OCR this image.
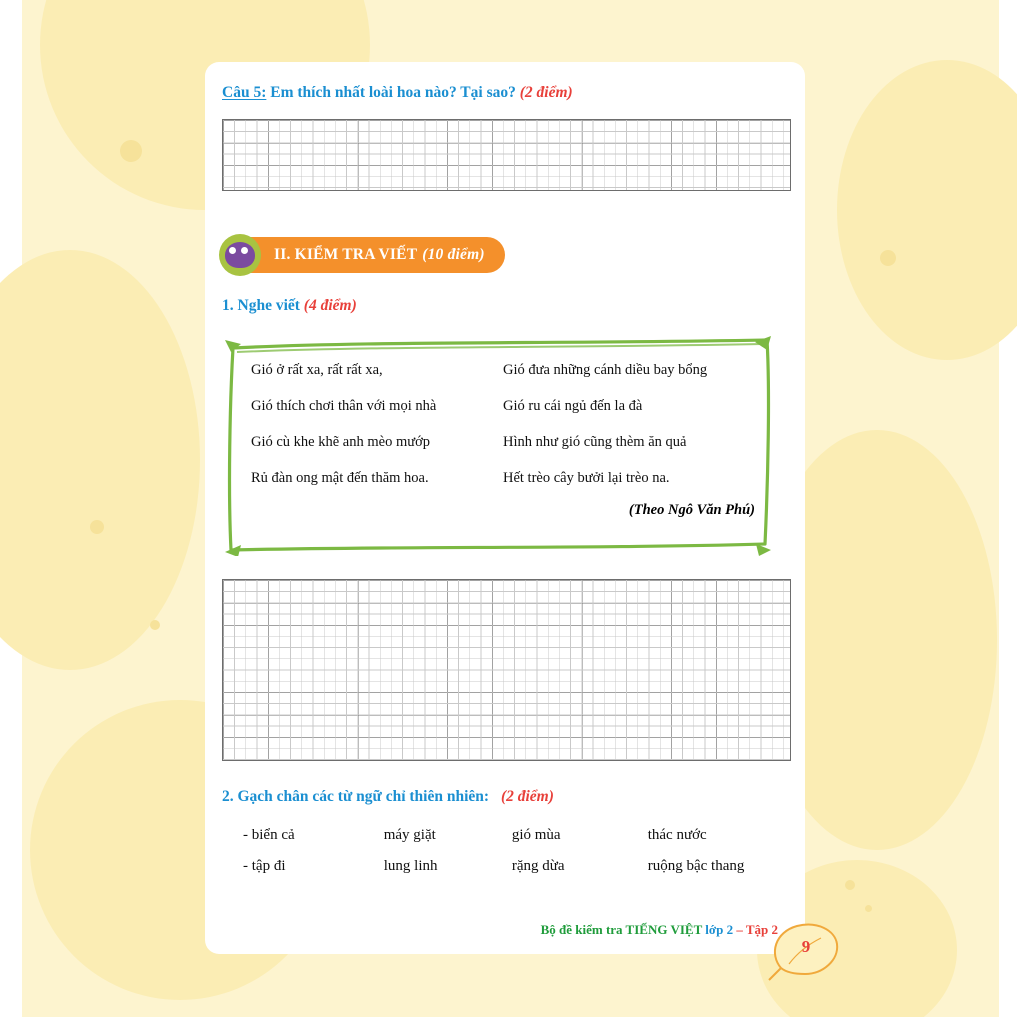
Câu 5: Em thích nhất loài hoa nào? Tại sao? (2 điểm)
II. KIỂM TRA VIẾT (10 điểm)
1. Nghe viết (4 điểm)
Gió ở rất xa, rất rất xa,
Gió thích chơi thân với mọi nhà
Gió cù khe khẽ anh mèo mướp
Rủ đàn ong mật đến thăm hoa.
Gió đưa những cánh diều bay bổng
Gió ru cái ngủ đến la đà
Hình như gió cũng thèm ăn quả
Hết trèo cây bưởi lại trèo na.
(Theo Ngô Văn Phú)
2. Gạch chân các từ ngữ chỉ thiên nhiên: (2 điểm)
- biển cả	máy giặt	gió mùa	thác nước
- tập đi	lung linh	rặng dừa	ruộng bậc thang
Bộ đề kiểm tra TIẾNG VIỆT lớp 2 – Tập 2
9
